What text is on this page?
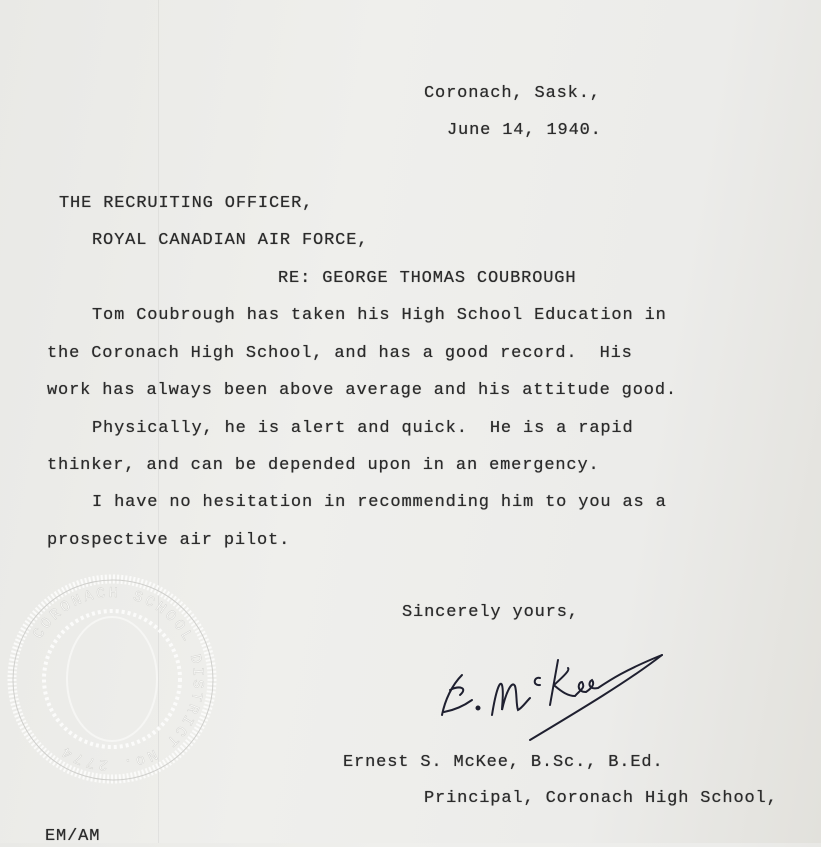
Coronach, Sask.,
June 14, 1940.
THE RECRUITING OFFICER,
ROYAL CANADIAN AIR FORCE,
RE: GEORGE THOMAS COUBROUGH
Tom Coubrough has taken his High School Education in
the Coronach High School, and has a good record.  His
work has always been above average and his attitude good.
Physically, he is alert and quick.  He is a rapid
thinker, and can be depended upon in an emergency.
I have no hesitation in recommending him to you as a
prospective air pilot.
Sincerely yours,
Ernest S. McKee, B.Sc., B.Ed.
Principal, Coronach High School,
EM/AM
CORONACH SCHOOL DISTRICT No. 2774
